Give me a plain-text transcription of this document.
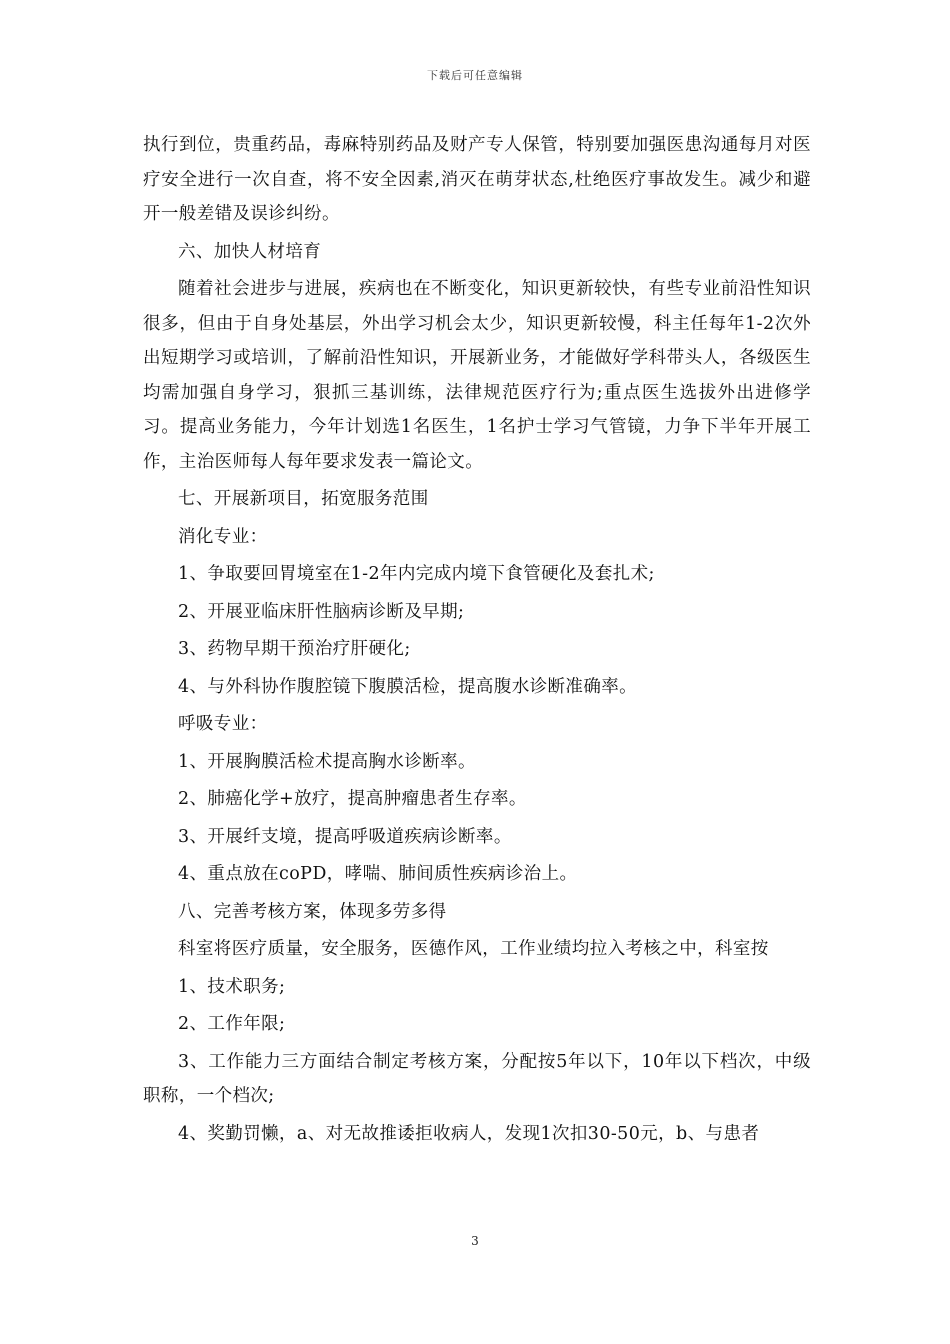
下载后可任意编辑

执行到位，贵重药品，毒麻特别药品及财产专人保管，特别要加强医患沟通每月对医疗安全进行一次自查，将不安全因素,消灭在萌芽状态,杜绝医疗事故发生。减少和避开一般差错及误诊纠纷。

六、加快人材培育

随着社会进步与进展，疾病也在不断变化，知识更新较快，有些专业前沿性知识很多，但由于自身处基层，外出学习机会太少，知识更新较慢，科主任每年1-2次外出短期学习或培训，了解前沿性知识，开展新业务，才能做好学科带头人，各级医生均需加强自身学习，狠抓三基训练，法律规范医疗行为;重点医生选拔外出进修学习。提高业务能力，今年计划选1名医生，1名护士学习气管镜，力争下半年开展工作，主治医师每人每年要求发表一篇论文。

七、开展新项目，拓宽服务范围

消化专业：

1、争取要回胃境室在1-2年内完成内境下食管硬化及套扎术;

2、开展亚临床肝性脑病诊断及早期;

3、药物早期干预治疗肝硬化;

4、与外科协作腹腔镜下腹膜活检，提高腹水诊断准确率。

呼吸专业：

1、开展胸膜活检术提高胸水诊断率。

2、肺癌化学+放疗，提高肿瘤患者生存率。

3、开展纤支境，提高呼吸道疾病诊断率。

4、重点放在coPD，哮喘、肺间质性疾病诊治上。

八、完善考核方案，体现多劳多得

科室将医疗质量，安全服务，医德作风，工作业绩均拉入考核之中，科室按

1、技术职务;

2、工作年限;

3、工作能力三方面结合制定考核方案，分配按5年以下，10年以下档次，中级职称，一个档次;

4、奖勤罚懒，a、对无故推诿拒收病人，发现1次扣30-50元，b、与患者

3
